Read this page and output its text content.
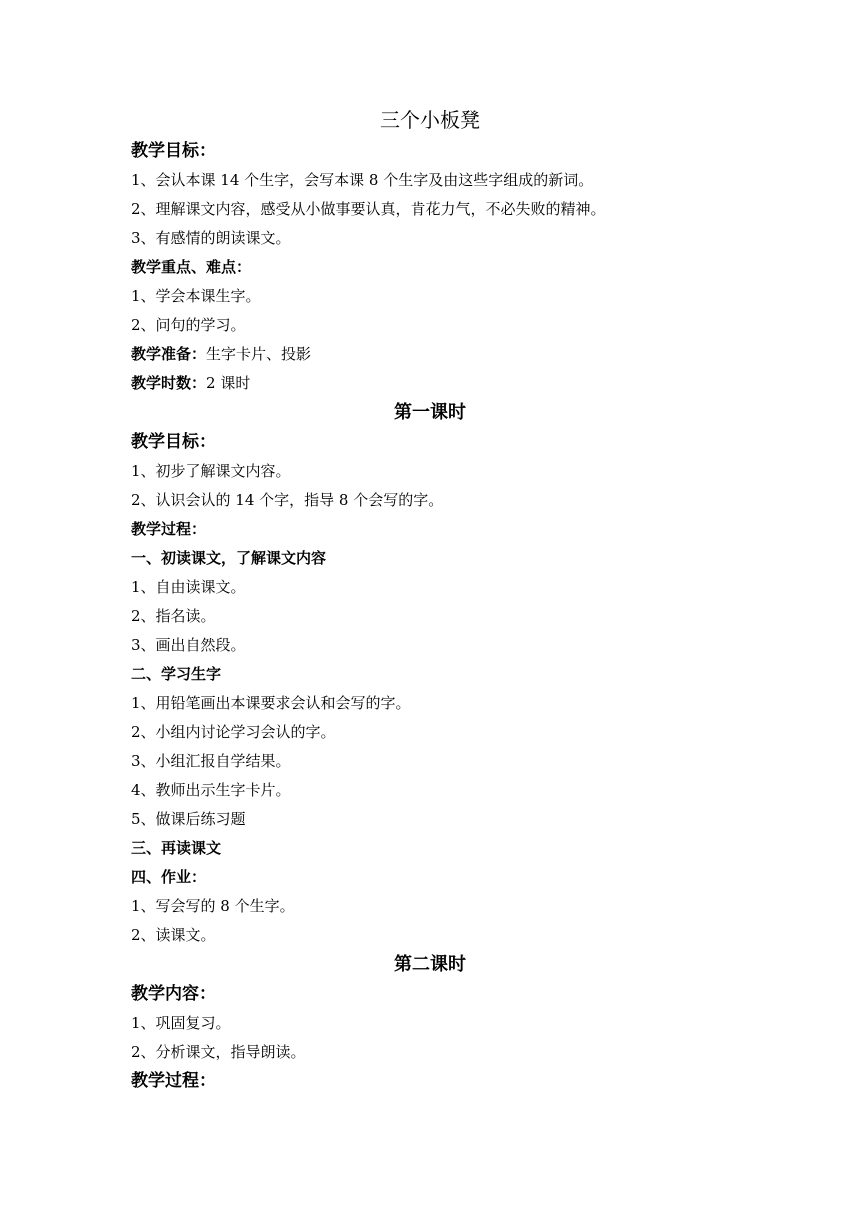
三个小板凳
教学目标：
1、会认本课 14 个生字，会写本课 8 个生字及由这些字组成的新词。
2、理解课文内容，感受从小做事要认真，肯花力气，不必失败的精神。
3、有感情的朗读课文。
教学重点、难点：
1、学会本课生字。
2、问句的学习。
教学准备：生字卡片、投影
教学时数：2 课时
第一课时
教学目标：
1、初步了解课文内容。
2、认识会认的 14 个字，指导 8 个会写的字。
教学过程：
一、初读课文，了解课文内容
1、自由读课文。
2、指名读。
3、画出自然段。
二、学习生字
1、用铅笔画出本课要求会认和会写的字。
2、小组内讨论学习会认的字。
3、小组汇报自学结果。
4、教师出示生字卡片。
5、做课后练习题
三、再读课文
四、作业：
1、写会写的 8 个生字。
2、读课文。
第二课时
教学内容：
1、巩固复习。
2、分析课文，指导朗读。
教学过程：
